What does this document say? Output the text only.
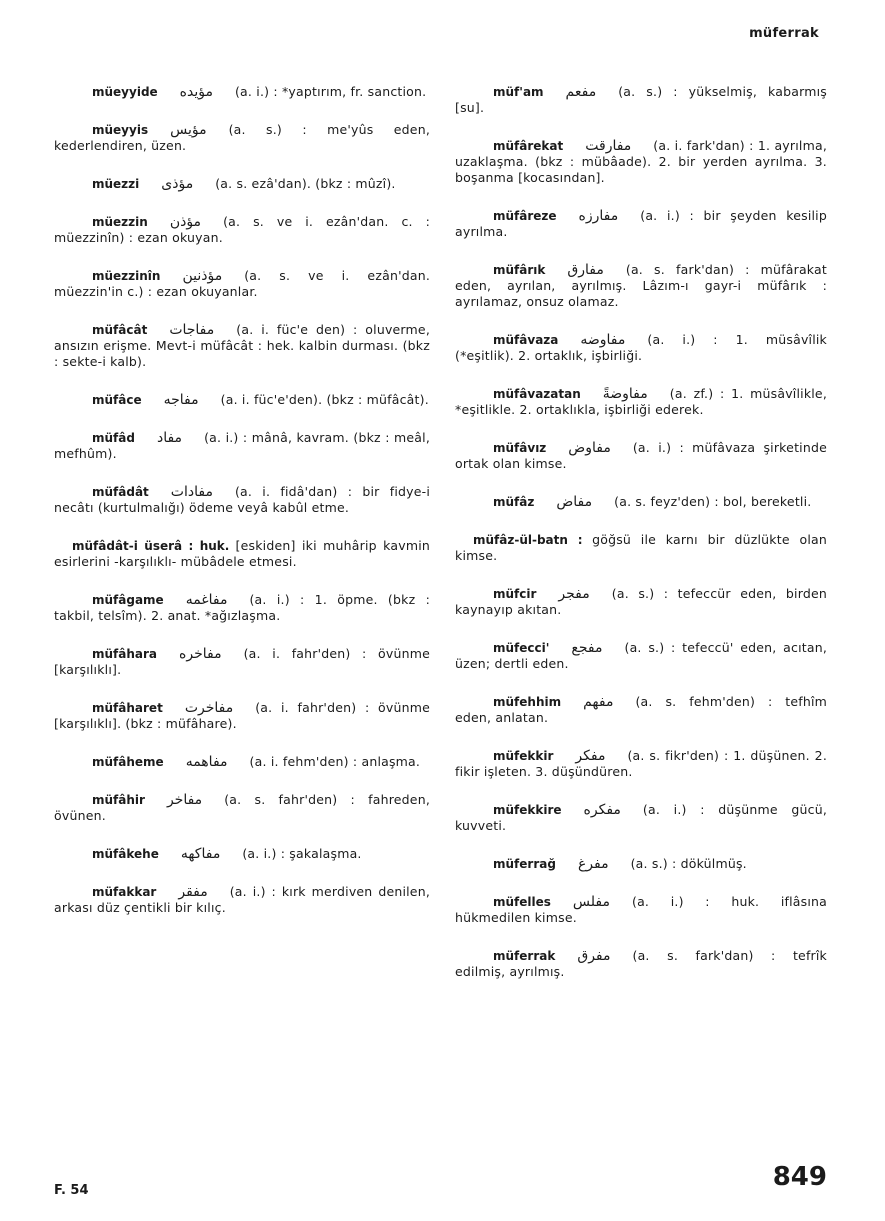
müferrak

müeyyide مؤيده (a. i.) : *yaptırım, fr. sanction.

müeyyis مؤيس (a. s.) : me'yûs eden, kederlendiren, üzen.

müezzi مؤذى (a. s. ezâ'dan). (bkz : mûzî).

müezzin مؤذن (a. s. ve i. ezân'dan. c. : müezzinîn) : ezan okuyan.

müezzinîn مؤذنين (a. s. ve i. ezân'dan. müezzin'in c.) : ezan okuyanlar.

müfâcât مفاجات (a. i. füc'e den) : oluverme, ansızın erişme. Mevt-i müfâcât : hek. kalbin durması. (bkz : sekte-i kalb).

müfâce مفاجه (a. i. füc'e'den). (bkz : müfâcât).

müfâd مفاد (a. i.) : mânâ, kavram. (bkz : meâl, mefhûm).

müfâdât مفادات (a. i. fidâ'dan) : bir fidye-i necâtı (kurtulmalığı) ödeme veyâ kabûl etme.

müfâdât-i üserâ : huk. [eskiden] iki muhârip kavmin esirlerini -karşılıklı- mübâdele etmesi.

müfâgame مفاغمه (a. i.) : 1. öpme. (bkz : takbil, telsîm). 2. anat. *ağızlaşma.

müfâhara مفاخره (a. i. fahr'den) : övünme [karşılıklı].

müfâharet مفاخرت (a. i. fahr'den) : övünme [karşılıklı]. (bkz : müfâhare).

müfâheme مفاهمه (a. i. fehm'den) : anlaşma.

müfâhir مفاخر (a. s. fahr'den) : fahreden, övünen.

müfâkehe مفاكهه (a. i.) : şakalaşma.

müfakkar مفقر (a. i.) : kırk merdiven denilen, arkası düz çentikli bir kılıç.

müf'am مفعم (a. s.) : yükselmiş, kabarmış [su].

müfârekat مفارقت (a. i. fark'dan) : 1. ayrılma, uzaklaşma. (bkz : mübâade). 2. bir yerden ayrılma. 3. boşanma [kocasından].

müfâreze مفارزه (a. i.) : bir şeyden kesilip ayrılma.

müfârık مفارق (a. s. fark'dan) : müfârakat eden, ayrılan, ayrılmış. Lâzım-ı gayr-i müfârık : ayrılamaz, onsuz olamaz.

müfâvaza مفاوضه (a. i.) : 1. müsâvîlik (*eşitlik). 2. ortaklık, işbirliği.

müfâvazatan مفاوضةً (a. zf.) : 1. müsâvîlikle, *eşitlikle. 2. ortaklıkla, işbirliği ederek.

müfâvız مفاوض (a. i.) : müfâvaza şirketinde ortak olan kimse.

müfâz مفاض (a. s. feyz'den) : bol, bereketli.

müfâz-ül-batn : göğsü ile karnı bir düzlükte olan kimse.

müfcir مفجر (a. s.) : tefeccür eden, birden kaynayıp akıtan.

müfecci' مفجع (a. s.) : tefeccü' eden, acıtan, üzen; dertli eden.

müfehhim مفهم (a. s. fehm'den) : tefhîm eden, anlatan.

müfekkir مفكر (a. s. fikr'den) : 1. düşünen. 2. fikir işleten. 3. düşündüren.

müfekkire مفكره (a. i.) : düşünme gücü, kuvveti.

müferrağ مفرغ (a. s.) : dökülmüş.

müfelles مفلس (a. i.) : huk. iflâsına hükmedilen kimse.

müferrak مفرق (a. s. fark'dan) : tefrîk edilmiş, ayrılmış.

F. 54	849
